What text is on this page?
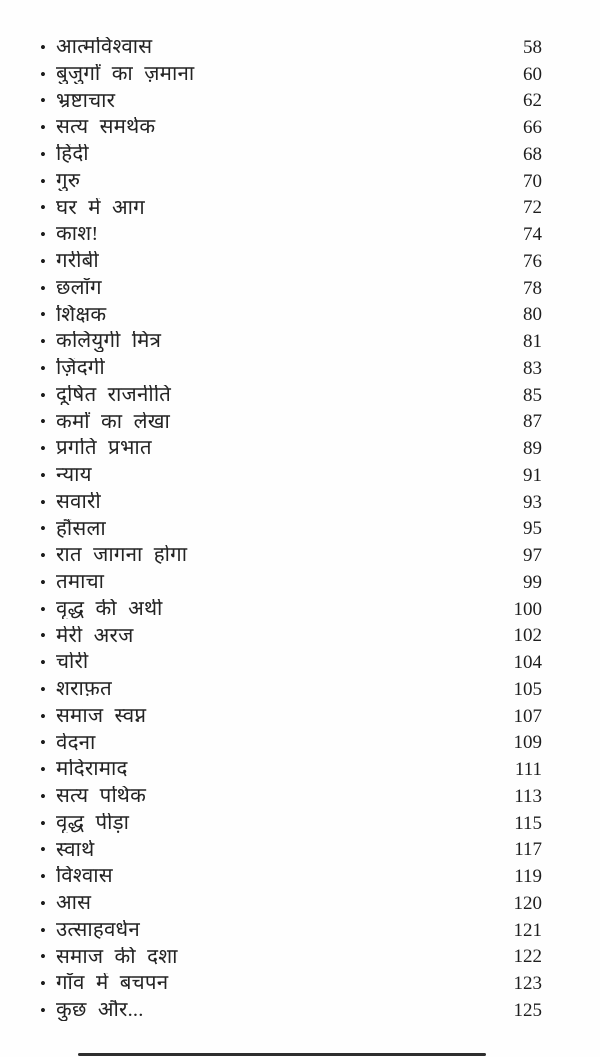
• आत्मविश्वास	58
• बुजुर्गों का ज़माना	60
• भ्रष्टाचार	62
• सत्य समर्थक	66
• हिंदी	68
• गुरु	70
• घर में आग	72
• काश!	74
• गरीबी	76
• छलाँग	78
• शिक्षक	80
• कलियुगी मित्र	81
• ज़िंदगी	83
• दूषित राजनीति	85
• कर्मों का लेखा	87
• प्रगति प्रभात	89
• न्याय	91
• सवारी	93
• हौंसला	95
• रात जागना होगा	97
• तमाचा	99
• वृद्ध की अर्थी	100
• मेरी अरज	102
• चोरी	104
• शराफ़त	105
• समाज स्वप्न	107
• वेदना	109
• मदिरामाद	111
• सत्य पथिक	113
• वृद्ध पीड़ा	115
• स्वार्थ	117
• विश्वास	119
• आस	120
• उत्साहवर्धन	121
• समाज की दशा	122
• गाँव में बचपन	123
• कुछ और...	125
